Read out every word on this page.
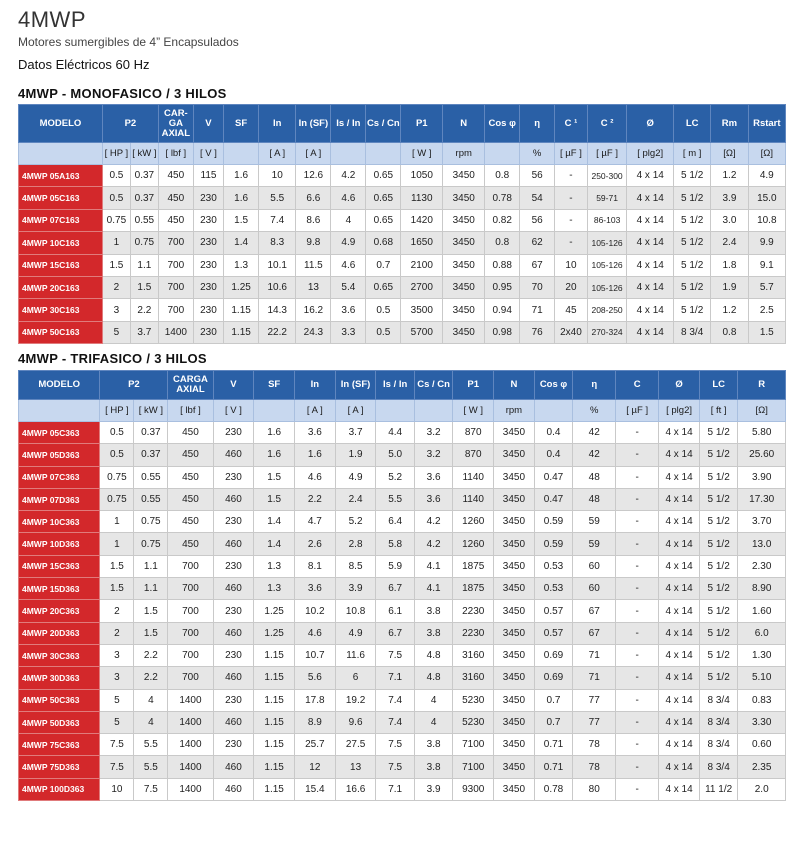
4MWP
Motores sumergibles de 4” Encapsulados
Datos Eléctricos 60 Hz
4MWP - MONOFASICO / 3 HILOS
MODELO	P2		CAR-GA AXIAL	V	SF	In	In (SF)	Is / In	Cs / Cn	P1	N	Cos φ	η	C ¹	C ²	Ø	LC	Rm	Rstart
	[ HP ]	[ kW ]	[ lbf ]	[ V ]		[ A ]	[ A ]			[ W ]	rpm		%	[ µF ]	[ µF ]	[ plg2]	[ m ]	[Ω]	[Ω]
4MWP 05A163	0.5	0.37	450	115	1.6	10	12.6	4.2	0.65	1050	3450	0.8	56	-	250-300	4 x 14	5 1/2	1.2	4.9
4MWP 05C163	0.5	0.37	450	230	1.6	5.5	6.6	4.6	0.65	1130	3450	0.78	54	-	59-71	4 x 14	5 1/2	3.9	15.0
4MWP 07C163	0.75	0.55	450	230	1.5	7.4	8.6	4	0.65	1420	3450	0.82	56	-	86-103	4 x 14	5 1/2	3.0	10.8
4MWP 10C163	1	0.75	700	230	1.4	8.3	9.8	4.9	0.68	1650	3450	0.8	62	-	105-126	4 x 14	5 1/2	2.4	9.9
4MWP 15C163	1.5	1.1	700	230	1.3	10.1	11.5	4.6	0.7	2100	3450	0.88	67	10	105-126	4 x 14	5 1/2	1.8	9.1
4MWP 20C163	2	1.5	700	230	1.25	10.6	13	5.4	0.65	2700	3450	0.95	70	20	105-126	4 x 14	5 1/2	1.9	5.7
4MWP 30C163	3	2.2	700	230	1.15	14.3	16.2	3.6	0.5	3500	3450	0.94	71	45	208-250	4 x 14	5 1/2	1.2	2.5
4MWP 50C163	5	3.7	1400	230	1.15	22.2	24.3	3.3	0.5	5700	3450	0.98	76	2x40	270-324	4 x 14	8 3/4	0.8	1.5
4MWP - TRIFASICO / 3 HILOS
MODELO	P2		CARGA AXIAL	V	SF	In	In (SF)	Is / In	Cs / Cn	P1	N	Cos φ	η	C	Ø	LC	R
	[ HP ]	[ kW ]	[ lbf ]	[ V ]		[ A ]	[ A ]			[ W ]	rpm		%	[ µF ]	[ plg2]	[ ft ]	[Ω]
4MWP 05C363	0.5	0.37	450	230	1.6	3.6	3.7	4.4	3.2	870	3450	0.4	42	-	4 x 14	5 1/2	5.80
4MWP 05D363	0.5	0.37	450	460	1.6	1.6	1.9	5.0	3.2	870	3450	0.4	42	-	4 x 14	5 1/2	25.60
4MWP 07C363	0.75	0.55	450	230	1.5	4.6	4.9	5.2	3.6	1140	3450	0.47	48	-	4 x 14	5 1/2	3.90
4MWP 07D363	0.75	0.55	450	460	1.5	2.2	2.4	5.5	3.6	1140	3450	0.47	48	-	4 x 14	5 1/2	17.30
4MWP 10C363	1	0.75	450	230	1.4	4.7	5.2	6.4	4.2	1260	3450	0.59	59	-	4 x 14	5 1/2	3.70
4MWP 10D363	1	0.75	450	460	1.4	2.6	2.8	5.8	4.2	1260	3450	0.59	59	-	4 x 14	5 1/2	13.0
4MWP 15C363	1.5	1.1	700	230	1.3	8.1	8.5	5.9	4.1	1875	3450	0.53	60	-	4 x 14	5 1/2	2.30
4MWP 15D363	1.5	1.1	700	460	1.3	3.6	3.9	6.7	4.1	1875	3450	0.53	60	-	4 x 14	5 1/2	8.90
4MWP 20C363	2	1.5	700	230	1.25	10.2	10.8	6.1	3.8	2230	3450	0.57	67	-	4 x 14	5 1/2	1.60
4MWP 20D363	2	1.5	700	460	1.25	4.6	4.9	6.7	3.8	2230	3450	0.57	67	-	4 x 14	5 1/2	6.0
4MWP 30C363	3	2.2	700	230	1.15	10.7	11.6	7.5	4.8	3160	3450	0.69	71	-	4 x 14	5 1/2	1.30
4MWP 30D363	3	2.2	700	460	1.15	5.6	6	7.1	4.8	3160	3450	0.69	71	-	4 x 14	5 1/2	5.10
4MWP 50C363	5	4	1400	230	1.15	17.8	19.2	7.4	4	5230	3450	0.7	77	-	4 x 14	8 3/4	0.83
4MWP 50D363	5	4	1400	460	1.15	8.9	9.6	7.4	4	5230	3450	0.7	77	-	4 x 14	8 3/4	3.30
4MWP 75C363	7.5	5.5	1400	230	1.15	25.7	27.5	7.5	3.8	7100	3450	0.71	78	-	4 x 14	8 3/4	0.60
4MWP 75D363	7.5	5.5	1400	460	1.15	12	13	7.5	3.8	7100	3450	0.71	78	-	4 x 14	8 3/4	2.35
4MWP 100D363	10	7.5	1400	460	1.15	15.4	16.6	7.1	3.9	9300	3450	0.78	80	-	4 x 14	11 1/2	2.0
